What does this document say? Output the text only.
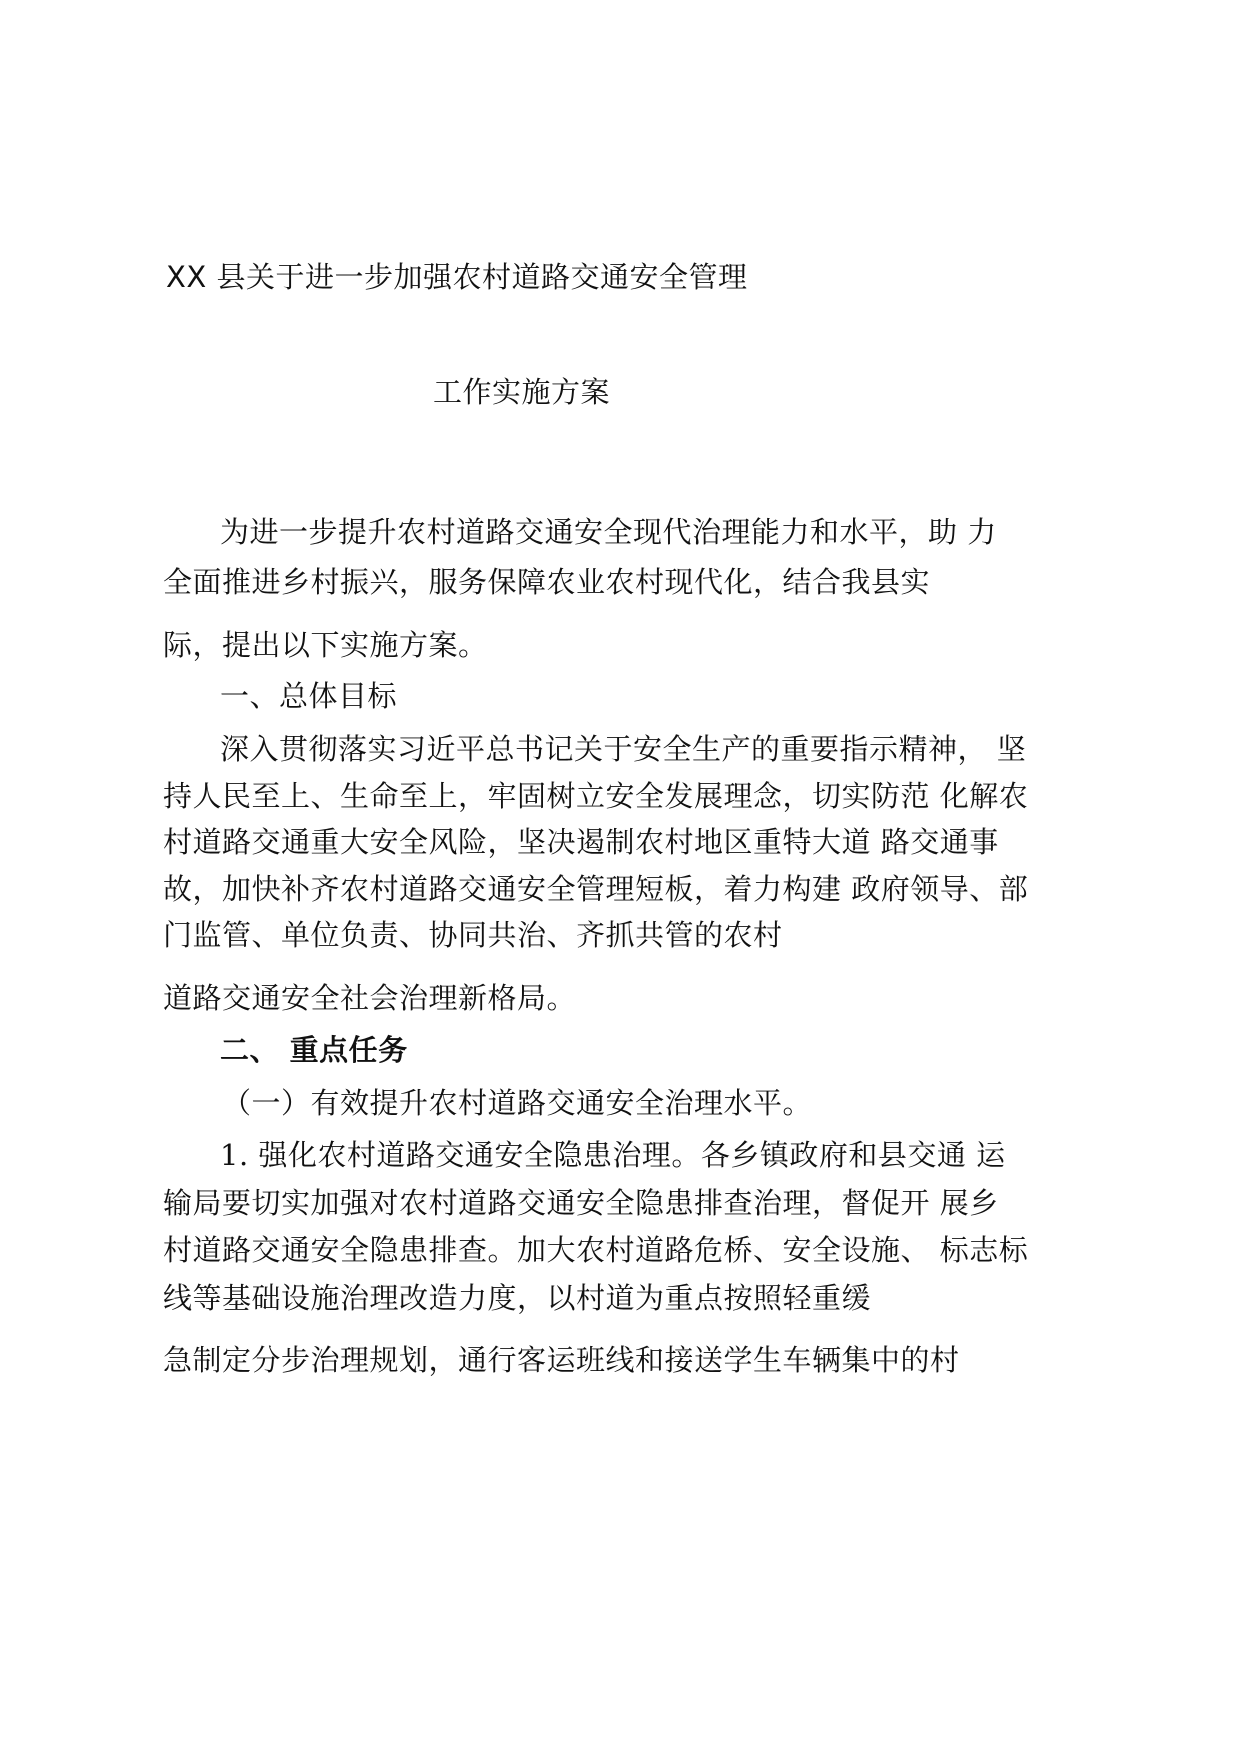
XX 县关于进一步加强农村道路交通安全管理
工作实施方案
为进一步提升农村道路交通安全现代治理能力和水平，助 力
全面推进乡村振兴，服务保障农业农村现代化，结合我县实
际，提出以下实施方案。
一、总体目标
深入贯彻落实习近平总书记关于安全生产的重要指示精神， 坚
持人民至上、生命至上，牢固树立安全发展理念，切实防范 化解农
村道路交通重大安全风险，坚决遏制农村地区重特大道 路交通事
故，加快补齐农村道路交通安全管理短板，着力构建 政府领导、部
门监管、单位负责、协同共治、齐抓共管的农村
道路交通安全社会治理新格局。
二、 重点任务
（一）有效提升农村道路交通安全治理水平。
1. 强化农村道路交通安全隐患治理。各乡镇政府和县交通 运
输局要切实加强对农村道路交通安全隐患排查治理，督促开 展乡
村道路交通安全隐患排查。加大农村道路危桥、安全设施、 标志标
线等基础设施治理改造力度，以村道为重点按照轻重缓
急制定分步治理规划，通行客运班线和接送学生车辆集中的村
